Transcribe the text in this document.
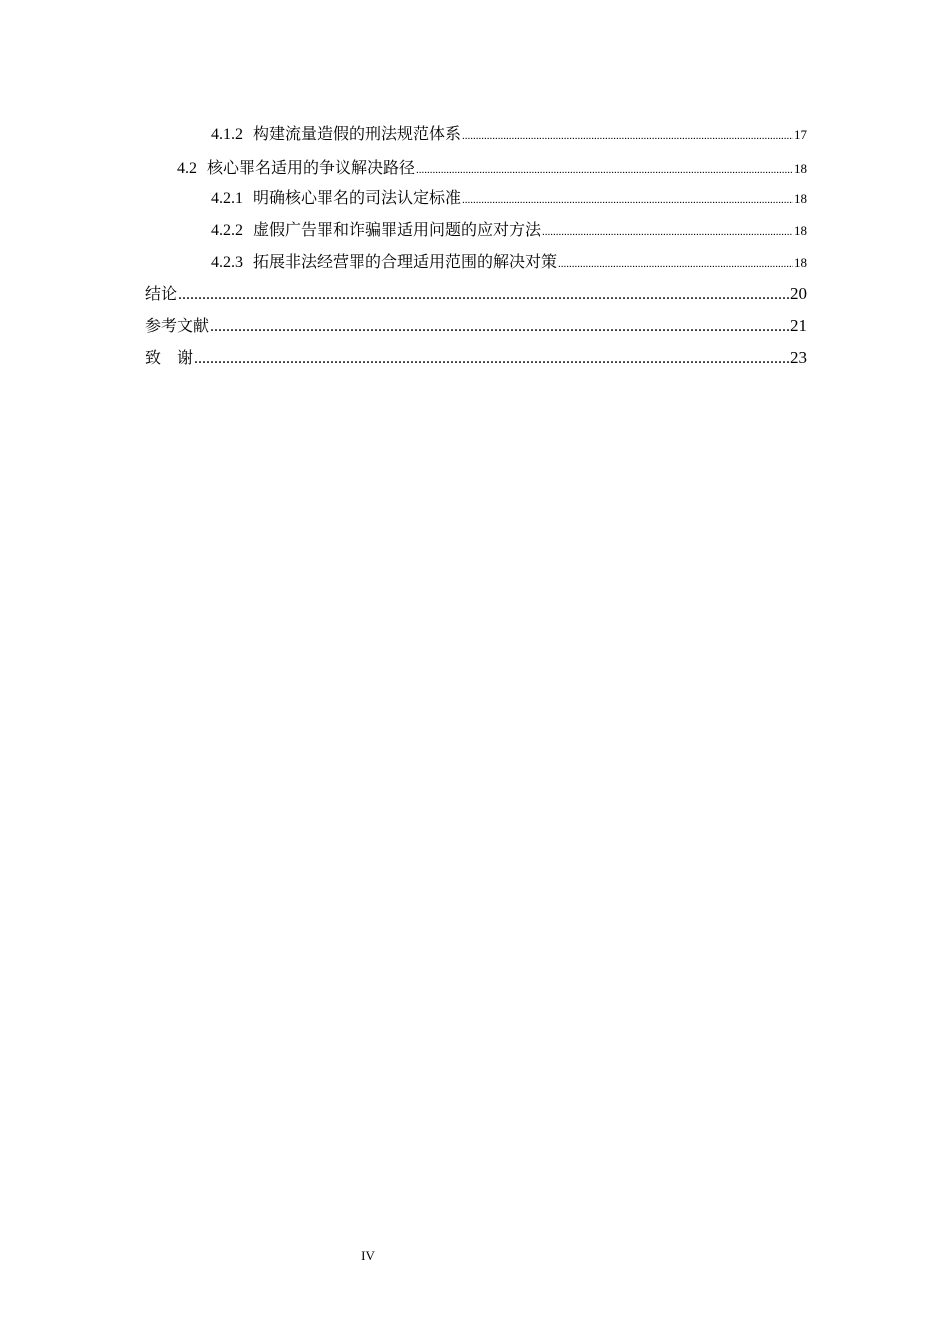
4.1.2 构建流量造假的刑法规范体系 .....	17
4.2 核心罪名适用的争议解决路径 .....	18
4.2.1 明确核心罪名的司法认定标准 .....	18
4.2.2 虚假广告罪和诈骗罪适用问题的应对方法 .....	18
4.2.3 拓展非法经营罪的合理适用范围的解决对策 .....	18
结论 .....	20
参考文献 .....	21
致　谢 .....	23
IV
